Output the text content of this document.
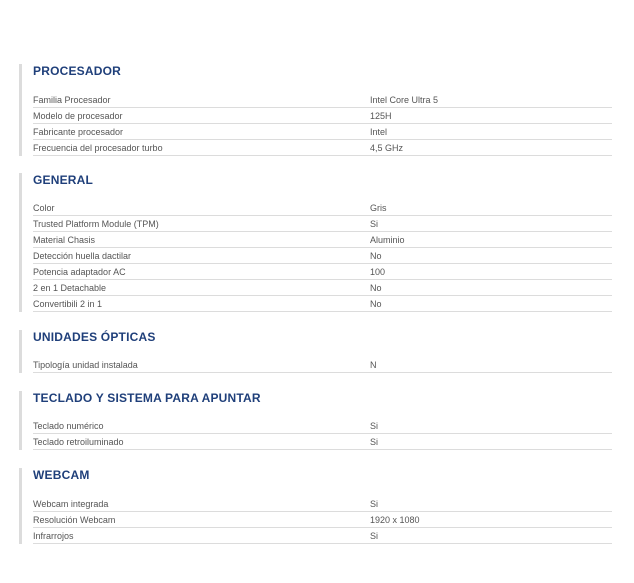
PROCESADOR
Familia Procesador	Intel Core Ultra 5
Modelo de procesador	125H
Fabricante procesador	Intel
Frecuencia del procesador turbo	4,5 GHz
GENERAL
Color	Gris
Trusted Platform Module (TPM)	Si
Material Chasis	Aluminio
Detección huella dactilar	No
Potencia adaptador AC	100
2 en 1 Detachable	No
Convertibili 2 in 1	No
UNIDADES ÓPTICAS
Tipología unidad instalada	N
TECLADO Y SISTEMA PARA APUNTAR
Teclado numérico	Si
Teclado retroiluminado	Si
WEBCAM
Webcam integrada	Si
Resolución Webcam	1920 x 1080
Infrarrojos	Si
